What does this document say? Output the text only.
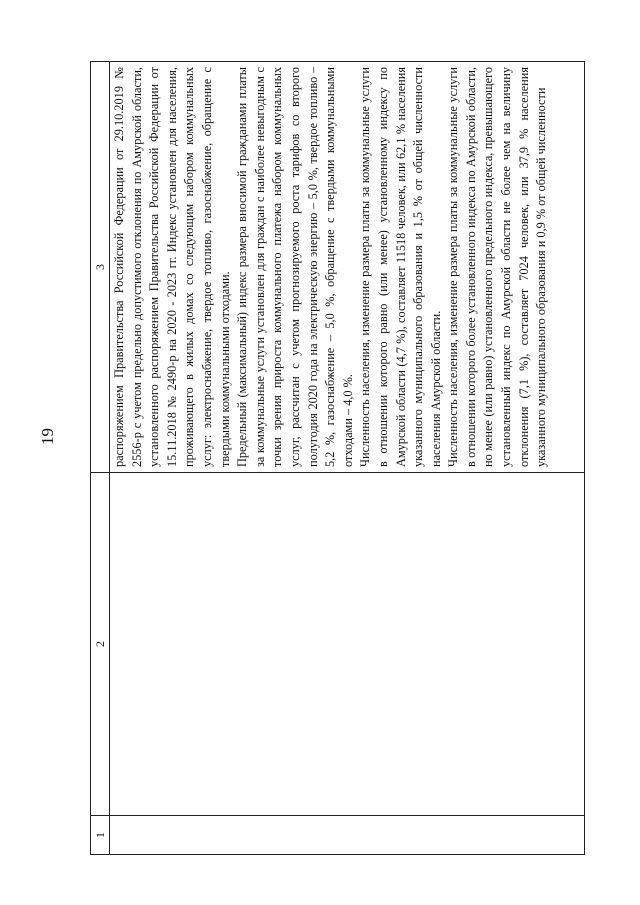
19
1	2	3

		распоряжением Правительства Российской Федерации от 29.10.2019 № 2556-р с учетом предельно допустимого отклонения по Амурской области, установленного распоряжением Правительства Российской Федерации от 15.11.2018 № 2490-р на 2020 - 2023 гг. Индекс установлен для населения, проживающего в жилых домах со следующим набором коммунальных услуг: электроснабжение, твердое топливо, газоснабжение, обращение с твердыми коммунальными отходами. Предельный (максимальный) индекс размера вносимой гражданами платы за коммунальные услуги установлен для граждан с наиболее невыгодным с точки зрения прироста коммунального платежа набором коммунальных услуг, рассчитан с учетом прогнозируемого роста тарифов со второго полугодия 2020 года на электрическую энергию – 5,0 %, твердое топливо – 5,2 %, газоснабжение – 5,0 %, обращение с твердыми коммунальными отходами – 4,0 %. Численность населения, изменение размера платы за коммунальные услуги в отношении которого равно (или менее) установленному индексу по Амурской области (4,7 %), составляет 11518 человек, или 62,1 % населения указанного муниципального образования и 1,5 % от общей численности населения Амурской области. Численность населения, изменение размера платы за коммунальные услуги в отношении которого более установленного индекса по Амурской области, но менее (или равно) установленного предельного индекса, превышающего установленный индекс по Амурской области не более чем на величину отклонения (7,1 %), составляет 7024 человек, или 37,9 % населения указанного муниципального образования и 0,9 % от общей численности
